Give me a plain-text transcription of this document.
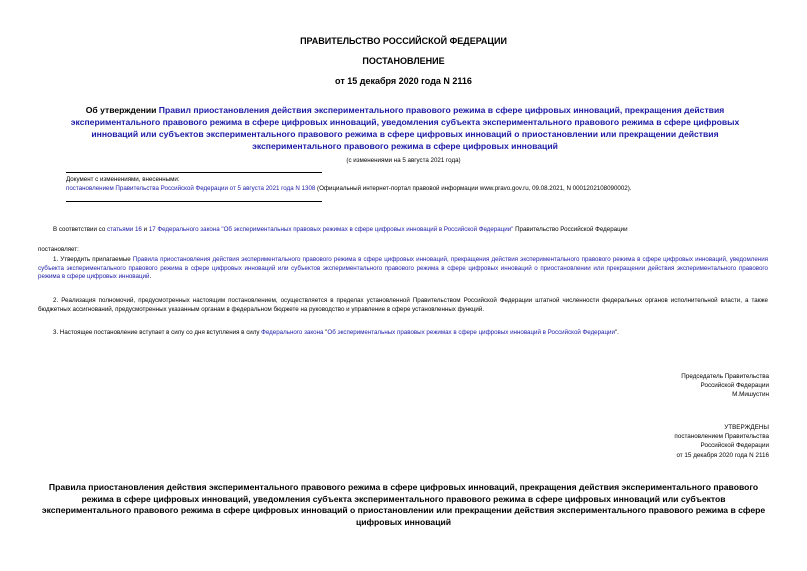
ПРАВИТЕЛЬСТВО РОССИЙСКОЙ ФЕДЕРАЦИИ
ПОСТАНОВЛЕНИЕ
от 15 декабря 2020 года N 2116
Об утверждении Правил приостановления действия экспериментального правового режима в сфере цифровых инноваций, прекращения действия экспериментального правового режима в сфере цифровых инноваций, уведомления субъекта экспериментального правового режима в сфере цифровых инноваций или субъектов экспериментального правового режима в сфере цифровых инноваций о приостановлении или прекращении действия экспериментального правового режима в сфере цифровых инноваций
(с изменениями на 5 августа 2021 года)
Документ с изменениями, внесенными:
постановлением Правительства Российской Федерации от 5 августа 2021 года N 1308 (Официальный интернет-портал правовой информации www.pravo.gov.ru, 09.08.2021, N 0001202108090002).
В соответствии со статьями 16 и 17 Федерального закона "Об экспериментальных правовых режимах в сфере цифровых инноваций в Российской Федерации" Правительство Российской Федерации
постановляет:
1. Утвердить прилагаемые Правила приостановления действия экспериментального правового режима в сфере цифровых инноваций, прекращения действия экспериментального правового режима в сфере цифровых инноваций, уведомления субъекта экспериментального правового режима в сфере цифровых инноваций или субъектов экспериментального правового режима в сфере цифровых инноваций о приостановлении или прекращении действия экспериментального правового режима в сфере цифровых инноваций.
2. Реализация полномочий, предусмотренных настоящим постановлением, осуществляется в пределах установленной Правительством Российской Федерации штатной численности федеральных органов исполнительной власти, а также бюджетных ассигнований, предусмотренных указанным органам в федеральном бюджете на руководство и управление в сфере установленных функций.
3. Настоящее постановление вступает в силу со дня вступления в силу Федерального закона "Об экспериментальных правовых режимах в сфере цифровых инноваций в Российской Федерации".
Председатель Правительства
Российской Федерации
М.Мишустин
УТВЕРЖДЕНЫ
постановлением Правительства
Российской Федерации
от 15 декабря 2020 года N 2116
Правила приостановления действия экспериментального правового режима в сфере цифровых инноваций, прекращения действия экспериментального правового режима в сфере цифровых инноваций, уведомления субъекта экспериментального правового режима в сфере цифровых инноваций или субъектов экспериментального правового режима в сфере цифровых инноваций о приостановлении или прекращении действия экспериментального правового режима в сфере цифровых инноваций
